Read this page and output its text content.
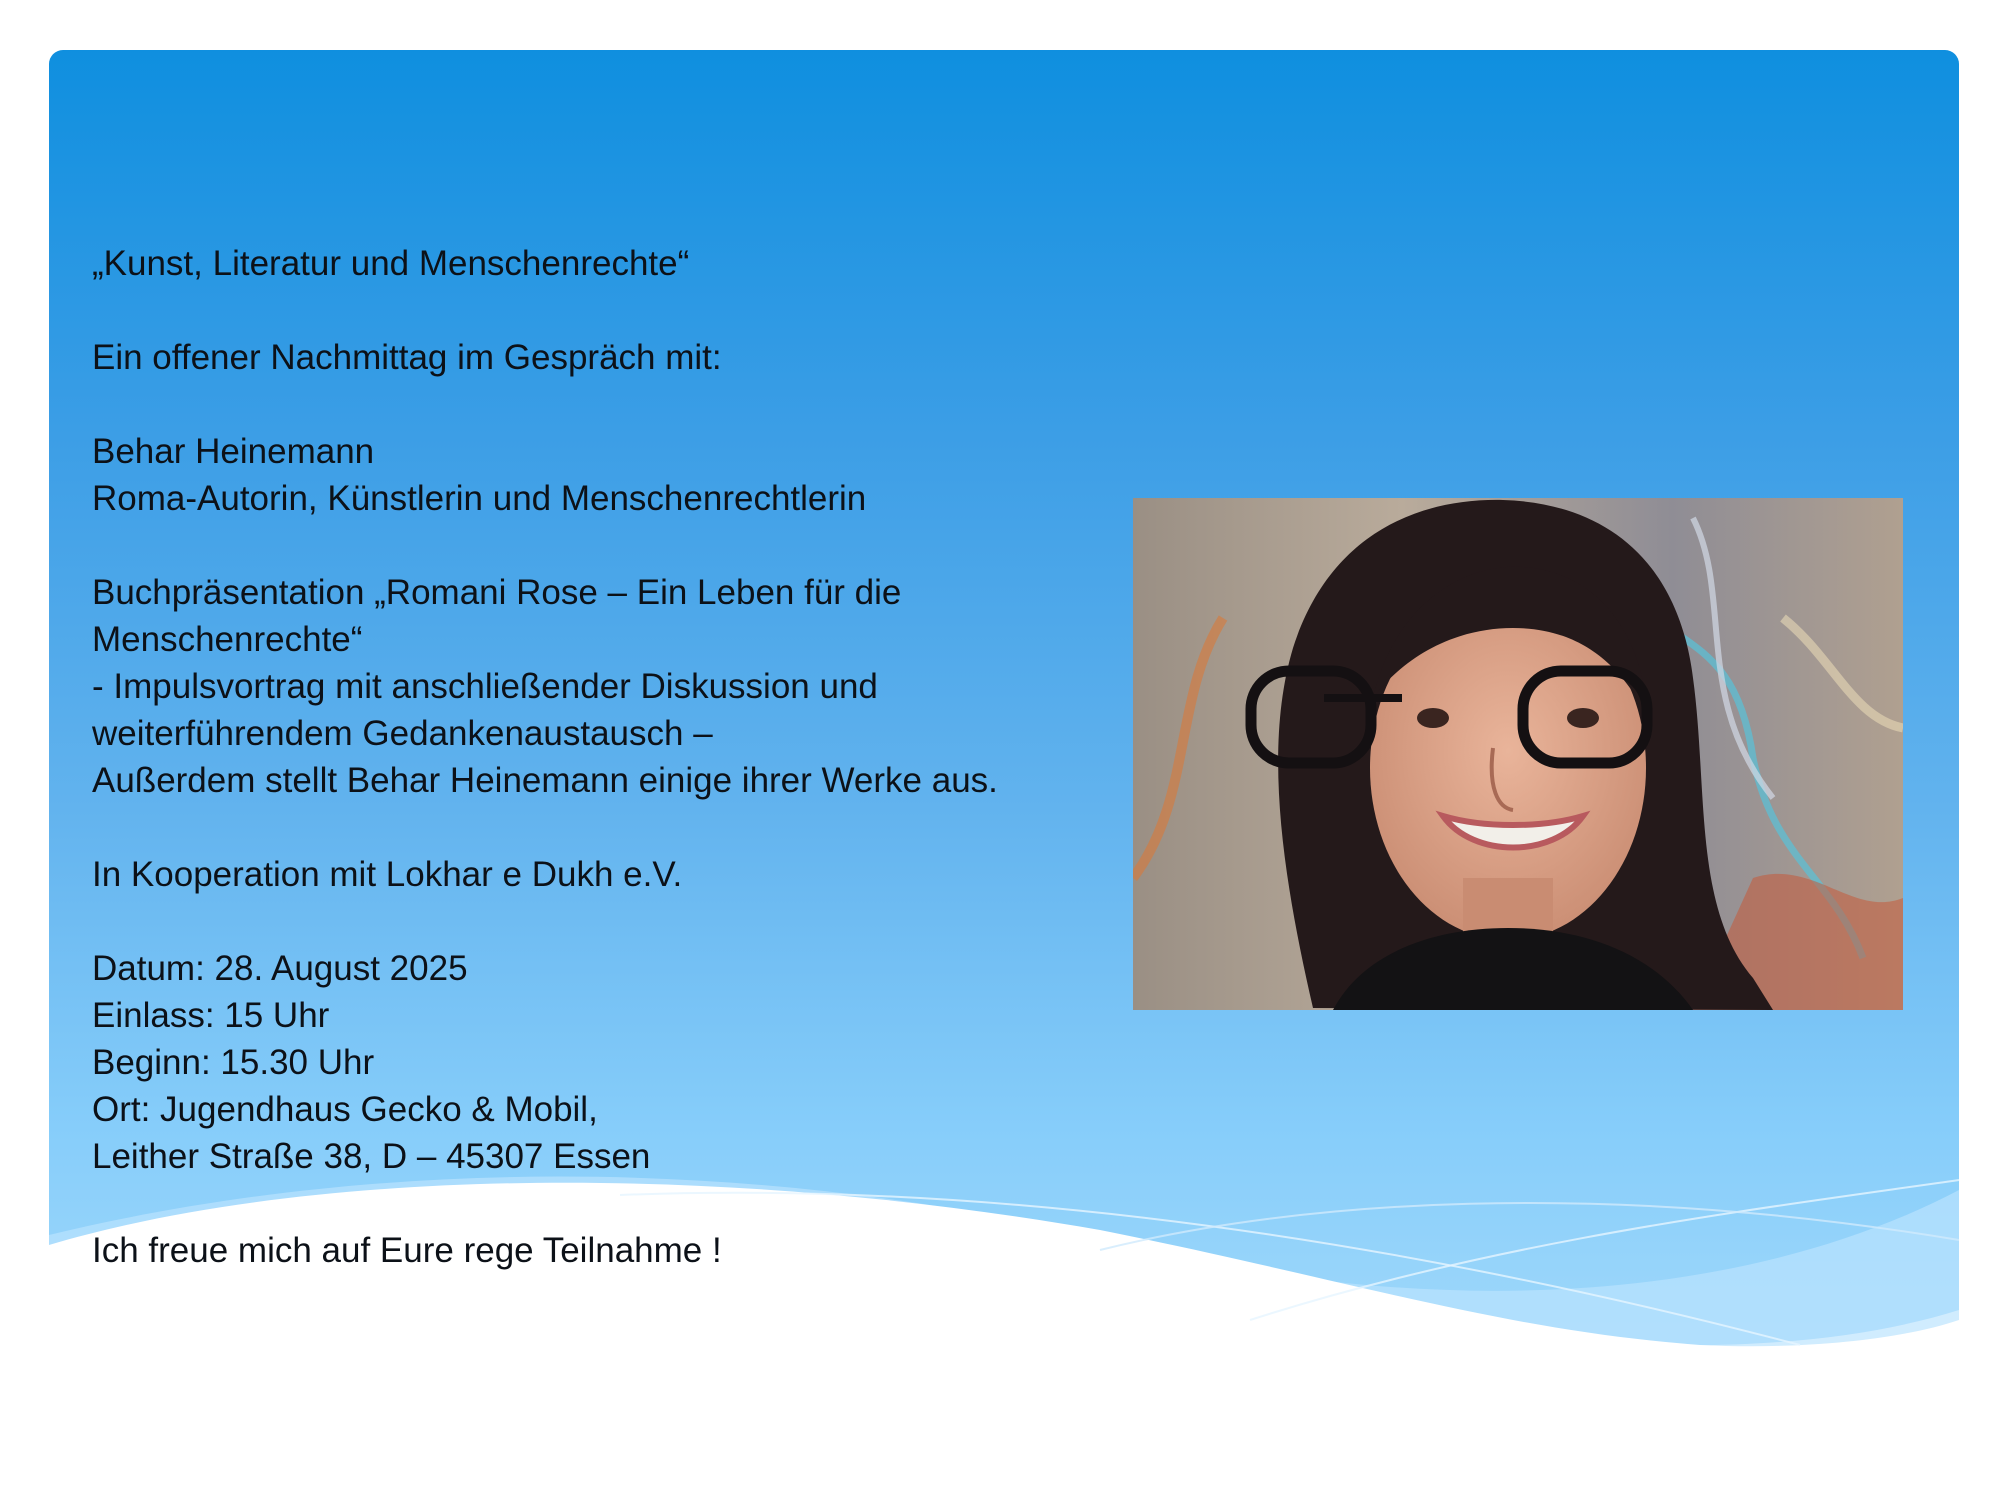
„Kunst, Literatur und Menschenrechte“
Ein offener Nachmittag im Gespräch mit:
Behar Heinemann
Roma-Autorin, Künstlerin und Menschenrechtlerin
Buchpräsentation „Romani Rose – Ein Leben für die
Menschenrechte“
- Impulsvortrag mit anschließender Diskussion und
weiterführendem Gedankenaustausch –
Außerdem stellt Behar Heinemann einige ihrer Werke aus.
In Kooperation mit Lokhar e Dukh e.V.
Datum: 28. August 2025
Einlass: 15 Uhr
Beginn: 15.30 Uhr
Ort: Jugendhaus Gecko & Mobil,
Leither Straße 38, D – 45307 Essen
Ich freue mich auf Eure rege Teilnahme !
